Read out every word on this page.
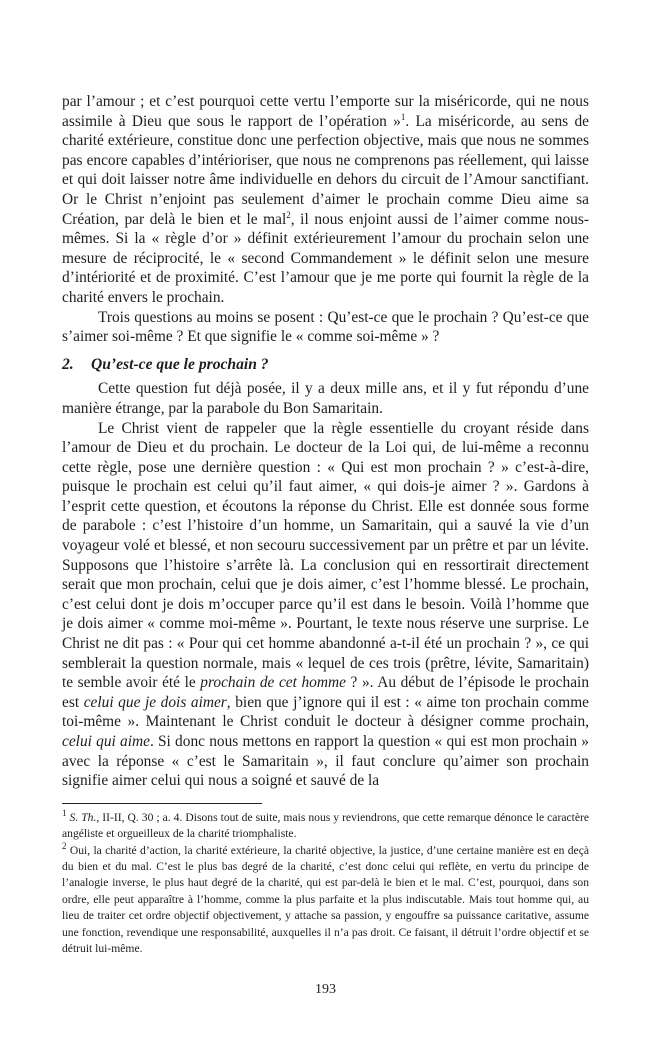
par l’amour ; et c’est pourquoi cette vertu l’emporte sur la miséricorde, qui ne nous assimile à Dieu que sous le rapport de l’opération »$^1$. La miséricorde, au sens de charité extérieure, constitue donc une perfection objective, mais que nous ne sommes pas encore capables d’intérioriser, que nous ne comprenons pas réellement, qui laisse et qui doit laisser notre âme individuelle en dehors du circuit de l’Amour sanctifiant. Or le Christ n’enjoint pas seulement d’aimer le prochain comme Dieu aime sa Création, par delà le bien et le mal$^2$, il nous enjoint aussi de l’aimer comme nous-mêmes. Si la « règle d’or » définit extérieurement l’amour du prochain selon une mesure de réciprocité, le « second Commandement » le définit selon une mesure d’intériorité et de proximité. C’est l’amour que je me porte qui fournit la règle de la charité envers le prochain.

Trois questions au moins se posent : Qu’est-ce que le prochain ? Qu’est-ce que s’aimer soi-même ? Et que signifie le « comme soi-même » ?

2. Qu’est-ce que le prochain ?

Cette question fut déjà posée, il y a deux mille ans, et il y fut répondu d’une manière étrange, par la parabole du Bon Samaritain.

Le Christ vient de rappeler que la règle essentielle du croyant réside dans l’amour de Dieu et du prochain. Le docteur de la Loi qui, de lui-même a reconnu cette règle, pose une dernière question : « Qui est mon prochain ? » c’est-à-dire, puisque le prochain est celui qu’il faut aimer, « qui dois-je aimer ? ». Gardons à l’esprit cette question, et écoutons la réponse du Christ. Elle est donnée sous forme de parabole : c’est l’histoire d’un homme, un Samaritain, qui a sauvé la vie d’un voyageur volé et blessé, et non secouru successivement par un prêtre et par un lévite. Supposons que l’histoire s’arrête là. La conclusion qui en ressortirait directement serait que mon prochain, celui que je dois aimer, c’est l’homme blessé. Le prochain, c’est celui dont je dois m’occuper parce qu’il est dans le besoin. Voilà l’homme que je dois aimer « comme moi-même ». Pourtant, le texte nous réserve une surprise. Le Christ ne dit pas : « Pour qui cet homme abandonné a-t-il été un prochain ? », ce qui semblerait la question normale, mais « lequel de ces trois (prêtre, lévite, Samaritain) te semble avoir été le prochain de cet homme ? ». Au début de l’épisode le prochain est celui que je dois aimer, bien que j’ignore qui il est : « aime ton prochain comme toi-même ». Maintenant le Christ conduit le docteur à désigner comme prochain, celui qui aime. Si donc nous mettons en rapport la question « qui est mon prochain » avec la réponse « c’est le Samaritain », il faut conclure qu’aimer son prochain signifie aimer celui qui nous a soigné et sauvé de la

$^1$ S. Th., II-II, Q. 30 ; a. 4. Disons tout de suite, mais nous y reviendrons, que cette remarque dénonce le caractère angéliste et orgueilleux de la charité triomphaliste.

$^2$ Oui, la charité d’action, la charité extérieure, la charité objective, la justice, d’une certaine manière est en deçà du bien et du mal. C’est le plus bas degré de la charité, c’est donc celui qui reflète, en vertu du principe de l’analogie inverse, le plus haut degré de la charité, qui est par-delà le bien et le mal. C’est, pourquoi, dans son ordre, elle peut apparaître à l’homme, comme la plus parfaite et la plus indiscutable. Mais tout homme qui, au lieu de traiter cet ordre objectif objectivement, y attache sa passion, y engouffre sa puissance caritative, assume une fonction, revendique une responsabilité, auxquelles il n’a pas droit. Ce faisant, il détruit l’ordre objectif et se détruit lui-même.

193
